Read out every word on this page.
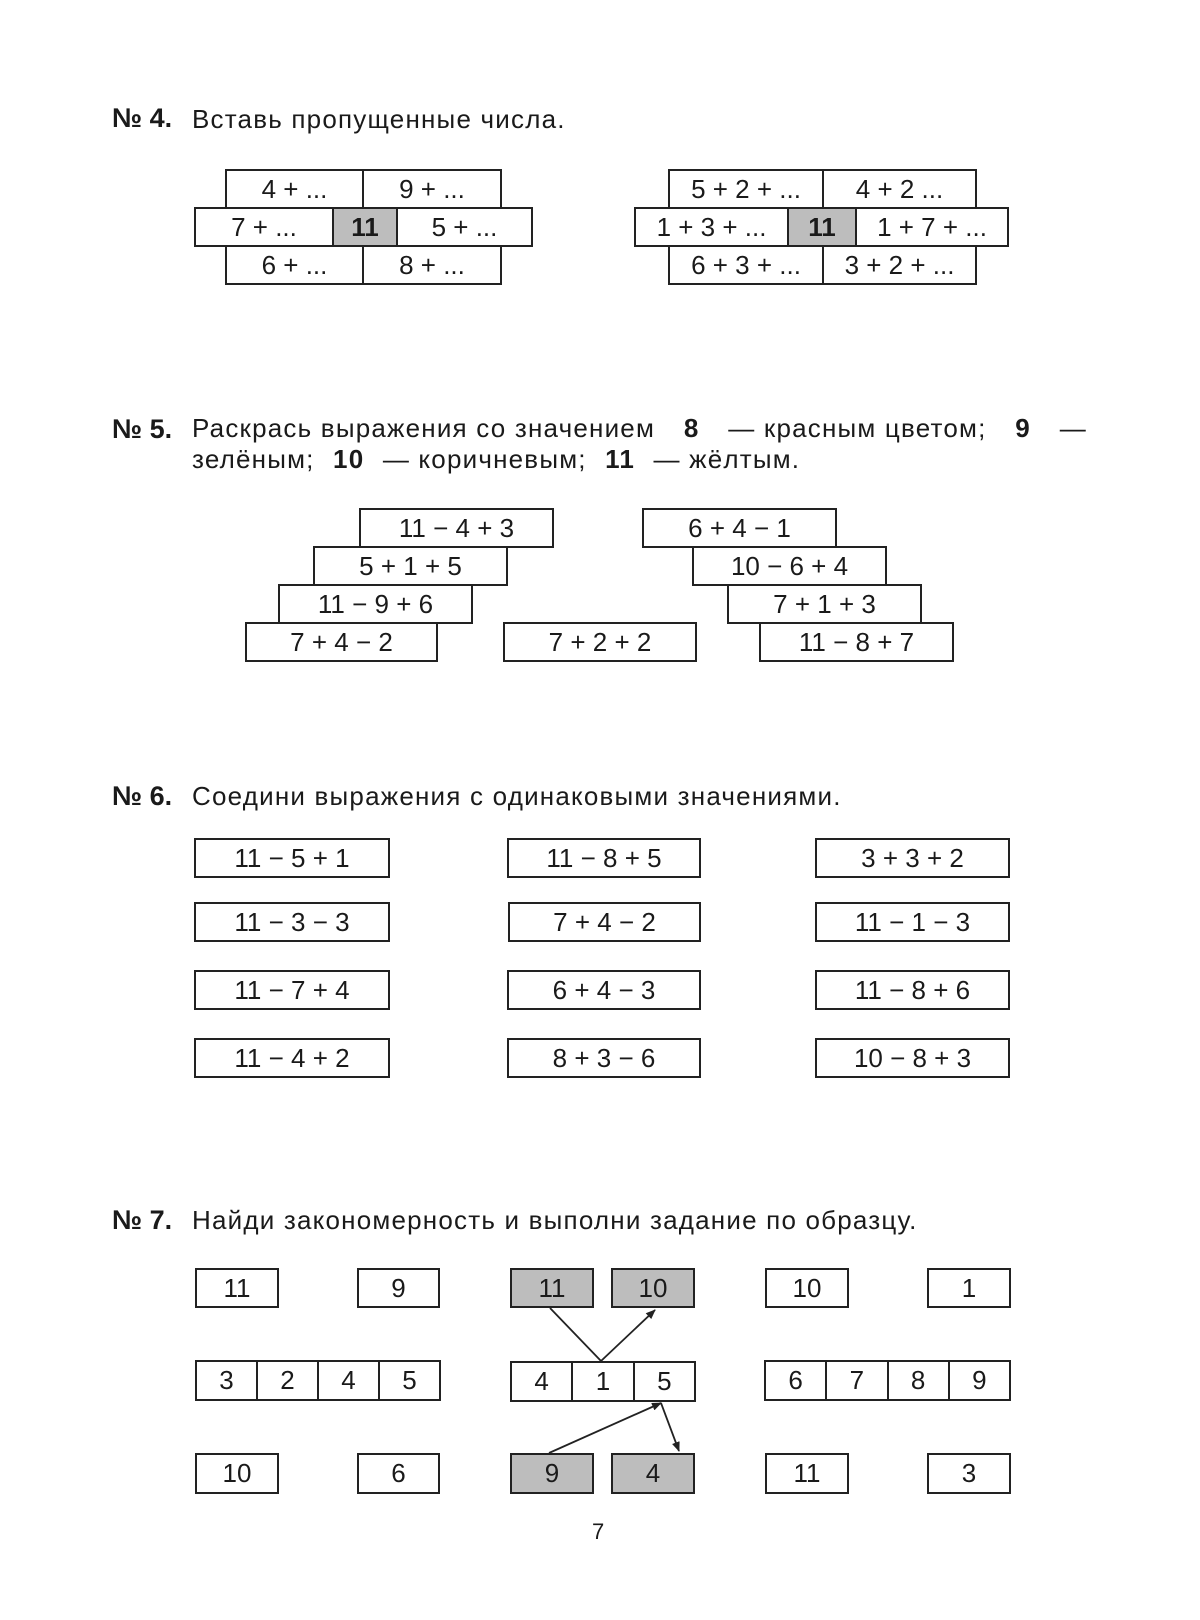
№ 4. Вставь пропущенные числа.
4 + ...	9 + ...
7 + ...	11	5 + ...
6 + ...	8 + ...
5 + 2 + ...	4 + 2 ...
1 + 3 + ...	11	1 + 7 + ...
6 + 3 + ...	3 + 2 + ...
№ 5. Раскрась выражения со значением 8 — красным цветом; 9 —
зелёным; 10 — коричневым; 11 — жёлтым.
11 − 4 + 3
5 + 1 + 5
11 − 9 + 6
7 + 4 − 2	7 + 2 + 2
6 + 4 − 1
10 − 6 + 4
7 + 1 + 3
11 − 8 + 7
№ 6. Соедини выражения с одинаковыми значениями.
11 − 5 + 1
11 − 3 − 3
11 − 7 + 4
11 − 4 + 2
11 − 8 + 5
7 + 4 − 2
6 + 4 − 3
8 + 3 − 6
3 + 3 + 2
11 − 1 − 3
11 − 8 + 6
10 − 8 + 3
№ 7. Найди закономерность и выполни задание по образцу.
11	9
3	2	4	5
10	6
11	10
4	1	5
9	4
10	1
6	7	8	9
11	3
7
